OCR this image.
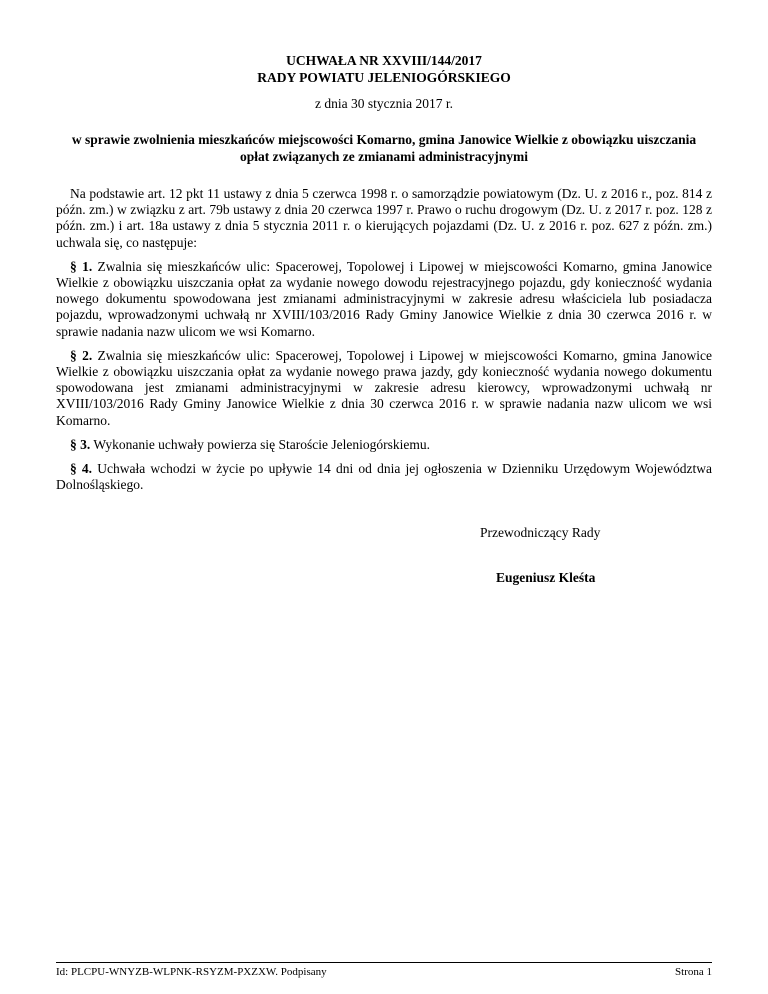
UCHWAŁA NR XXVIII/144/2017
RADY POWIATU JELENIOGÓRSKIEGO
z dnia 30 stycznia 2017 r.
w sprawie zwolnienia mieszkańców miejscowości Komarno, gmina Janowice Wielkie z obowiązku uiszczania opłat związanych ze zmianami administracyjnymi

Na podstawie art. 12 pkt 11 ustawy z dnia 5 czerwca 1998 r. o samorządzie powiatowym (Dz. U. z 2016 r., poz. 814 z późn. zm.) w związku z art. 79b ustawy z dnia 20 czerwca 1997 r. Prawo o ruchu drogowym (Dz. U. z 2017 r. poz. 128 z późn. zm.) i art. 18a ustawy z dnia 5 stycznia 2011 r. o kierujących pojazdami (Dz. U. z 2016 r. poz. 627 z późn. zm.) uchwala się, co następuje:

§ 1. Zwalnia się mieszkańców ulic: Spacerowej, Topolowej i Lipowej w miejscowości Komarno, gmina Janowice Wielkie z obowiązku uiszczania opłat za wydanie nowego dowodu rejestracyjnego pojazdu, gdy konieczność wydania nowego dokumentu spowodowana jest zmianami administracyjnymi w zakresie adresu właściciela lub posiadacza pojazdu, wprowadzonymi uchwałą nr XVIII/103/2016 Rady Gminy Janowice Wielkie z dnia 30 czerwca 2016 r. w sprawie nadania nazw ulicom we wsi Komarno.

§ 2. Zwalnia się mieszkańców ulic: Spacerowej, Topolowej i Lipowej w miejscowości Komarno, gmina Janowice Wielkie z obowiązku uiszczania opłat za wydanie nowego prawa jazdy, gdy konieczność wydania nowego dokumentu spowodowana jest zmianami administracyjnymi w zakresie adresu kierowcy, wprowadzonymi uchwałą nr XVIII/103/2016 Rady Gminy Janowice Wielkie z dnia 30 czerwca 2016 r. w sprawie nadania nazw ulicom we wsi Komarno.

§ 3. Wykonanie uchwały powierza się Staroście Jeleniogórskiemu.

§ 4. Uchwała wchodzi w życie po upływie 14 dni od dnia jej ogłoszenia w Dzienniku Urzędowym Województwa Dolnośląskiego.

Przewodniczący Rady
Eugeniusz Kleśta
Id: PLCPU-WNYZB-WLPNK-RSYZM-PXZXW. Podpisany	Strona 1
